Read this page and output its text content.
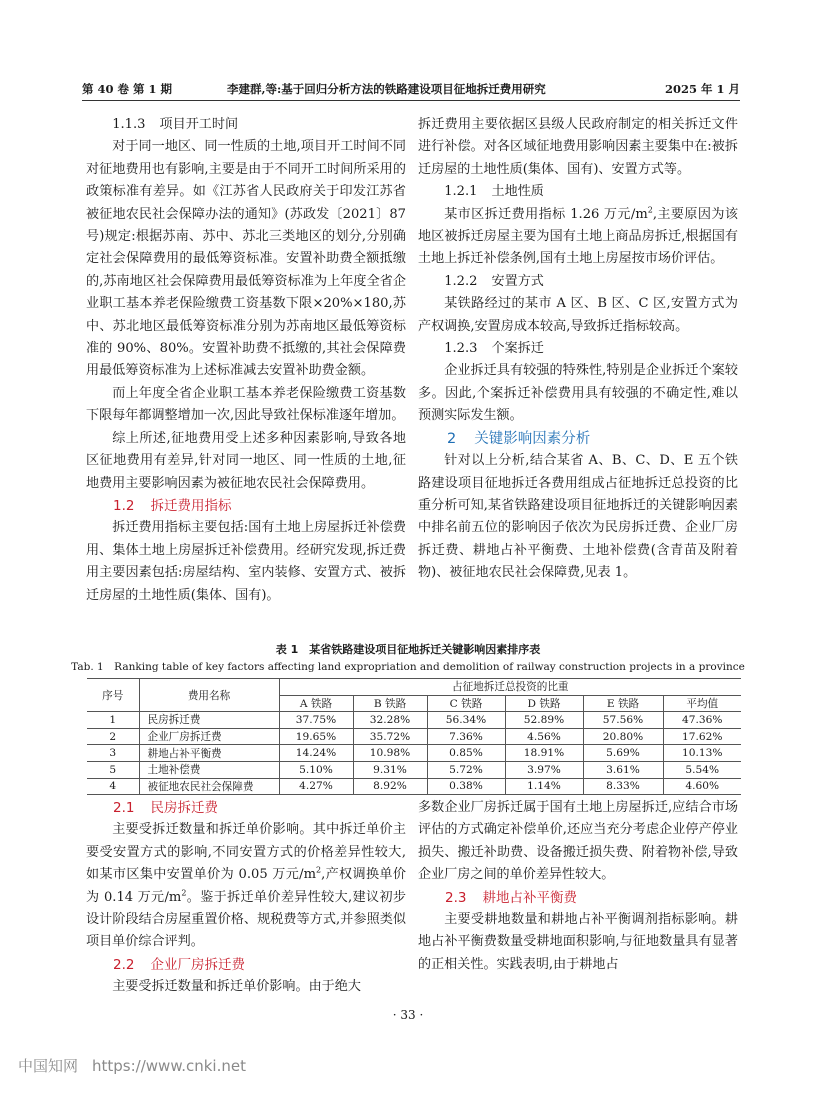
第 40 卷 第 1 期	李建群,等:基于回归分析方法的铁路建设项目征地拆迁费用研究	2025 年 1 月

1.1.3 项目开工时间

对于同一地区、同一性质的土地,项目开工时间不同对征地费用也有影响,主要是由于不同开工时间所采用的政策标准有差异。如《江苏省人民政府关于印发江苏省被征地农民社会保障办法的通知》(苏政发〔2021〕87 号)规定:根据苏南、苏中、苏北三类地区的划分,分别确定社会保障费用的最低筹资标准。安置补助费全额抵缴的,苏南地区社会保障费用最低筹资标准为上年度全省企业职工基本养老保险缴费工资基数下限×20%×180,苏中、苏北地区最低筹资标准分别为苏南地区最低筹资标准的 90%、80%。安置补助费不抵缴的,其社会保障费用最低筹资标准为上述标准减去安置补助费金额。

而上年度全省企业职工基本养老保险缴费工资基数下限每年都调整增加一次,因此导致社保标准逐年增加。

综上所述,征地费用受上述多种因素影响,导致各地区征地费用有差异,针对同一地区、同一性质的土地,征地费用主要影响因素为被征地农民社会保障费用。

1.2 拆迁费用指标

拆迁费用指标主要包括:国有土地上房屋拆迁补偿费用、集体土地上房屋拆迁补偿费用。经研究发现,拆迁费用主要因素包括:房屋结构、室内装修、安置方式、被拆迁房屋的土地性质(集体、国有)。

拆迁费用主要依据区县级人民政府制定的相关拆迁文件进行补偿。对各区域征地费用影响因素主要集中在:被拆迁房屋的土地性质(集体、国有)、安置方式等。

1.2.1 土地性质

某市区拆迁费用指标 1.26 万元$/m^2$,主要原因为该地区被拆迁房屋主要为国有土地上商品房拆迁,根据国有土地上拆迁补偿条例,国有土地上房屋按市场价评估。

1.2.2 安置方式

某铁路经过的某市 A 区、B 区、C 区,安置方式为产权调换,安置房成本较高,导致拆迁指标较高。

1.2.3 个案拆迁

企业拆迁具有较强的特殊性,特别是企业拆迁个案较多。因此,个案拆迁补偿费用具有较强的不确定性,难以预测实际发生额。

2 关键影响因素分析

针对以上分析,结合某省 A、B、C、D、E 五个铁路建设项目征地拆迁各费用组成占征地拆迁总投资的比重分析可知,某省铁路建设项目征地拆迁的关键影响因素中排名前五位的影响因子依次为民房拆迁费、企业厂房拆迁费、耕地占补平衡费、土地补偿费(含青苗及附着物)、被征地农民社会保障费,见表 1。

表 1　某省铁路建设项目征地拆迁关键影响因素排序表
Tab. 1　Ranking table of key factors affecting land expropriation and demolition of railway construction projects in a province
序号	费用名称	占征地拆迁总投资的比重					
		A 铁路	B 铁路	C 铁路	D 铁路	E 铁路	平均值
1	民房拆迁费	37.75%	32.28%	56.34%	52.89%	57.56%	47.36%
2	企业厂房拆迁费	19.65%	35.72%	7.36%	4.56%	20.80%	17.62%
3	耕地占补平衡费	14.24%	10.98%	0.85%	18.91%	5.69%	10.13%
5	土地补偿费	5.10%	9.31%	5.72%	3.97%	3.61%	5.54%
4	被征地农民社会保障费	4.27%	8.92%	0.38%	1.14%	8.33%	4.60%

2.1 民房拆迁费

主要受拆迁数量和拆迁单价影响。其中拆迁单价主要受安置方式的影响,不同安置方式的价格差异性较大,如某市区集中安置单价为 0.05 万元$/m^2$,产权调换单价为 0.14 万元$/m^2$。鉴于拆迁单价差异性较大,建议初步设计阶段结合房屋重置价格、规税费等方式,并参照类似项目单价综合评判。

2.2 企业厂房拆迁费

主要受拆迁数量和拆迁单价影响。由于绝大

多数企业厂房拆迁属于国有土地上房屋拆迁,应结合市场评估的方式确定补偿单价,还应当充分考虑企业停产停业损失、搬迁补助费、设备搬迁损失费、附着物补偿,导致企业厂房之间的单价差异性较大。

2.3 耕地占补平衡费

主要受耕地数量和耕地占补平衡调剂指标影响。耕地占补平衡费数量受耕地面积影响,与征地数量具有显著的正相关性。实践表明,由于耕地占

· 33 ·
中国知网 https://www.cnki.net
